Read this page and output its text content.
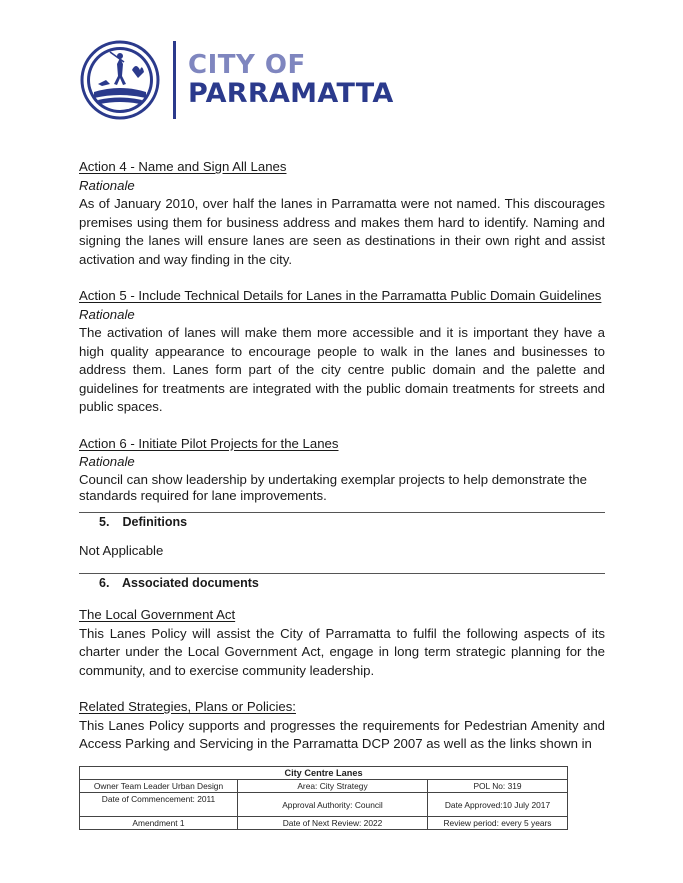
CITY OF
PARRAMATTA
Action 4 - Name and Sign All Lanes
Rationale
As of January 2010, over half the lanes in Parramatta were not named. This discourages premises using them for business address and makes them hard to identify. Naming and signing the lanes will ensure lanes are seen as destinations in their own right and assist activation and way finding in the city.
Action 5 - Include Technical Details for Lanes in the Parramatta Public Domain Guidelines
Rationale
The activation of lanes will make them more accessible and it is important they have a high quality appearance to encourage people to walk in the lanes and businesses to address them. Lanes form part of the city centre public domain and the palette and guidelines for treatments are integrated with the public domain treatments for streets and public spaces.
Action 6 - Initiate Pilot Projects for the Lanes
Rationale
Council can show leadership by undertaking exemplar projects to help demonstrate the standards required for lane improvements.
5. Definitions
Not Applicable
6. Associated documents
The Local Government Act
This Lanes Policy will assist the City of Parramatta to fulfil the following aspects of its charter under the Local Government Act, engage in long term strategic planning for the community, and to exercise community leadership.
Related Strategies, Plans or Policies:
This Lanes Policy supports and progresses the requirements for Pedestrian Amenity and Access Parking and Servicing in the Parramatta DCP 2007 as well as the links shown in
City Centre Lanes		
Owner Team Leader Urban Design	Area: City Strategy	POL No: 319
Date of Commencement: 2011	Approval Authority: Council	Date Approved:10 July 2017
Amendment 1	Date of Next Review: 2022	Review period: every 5 years
